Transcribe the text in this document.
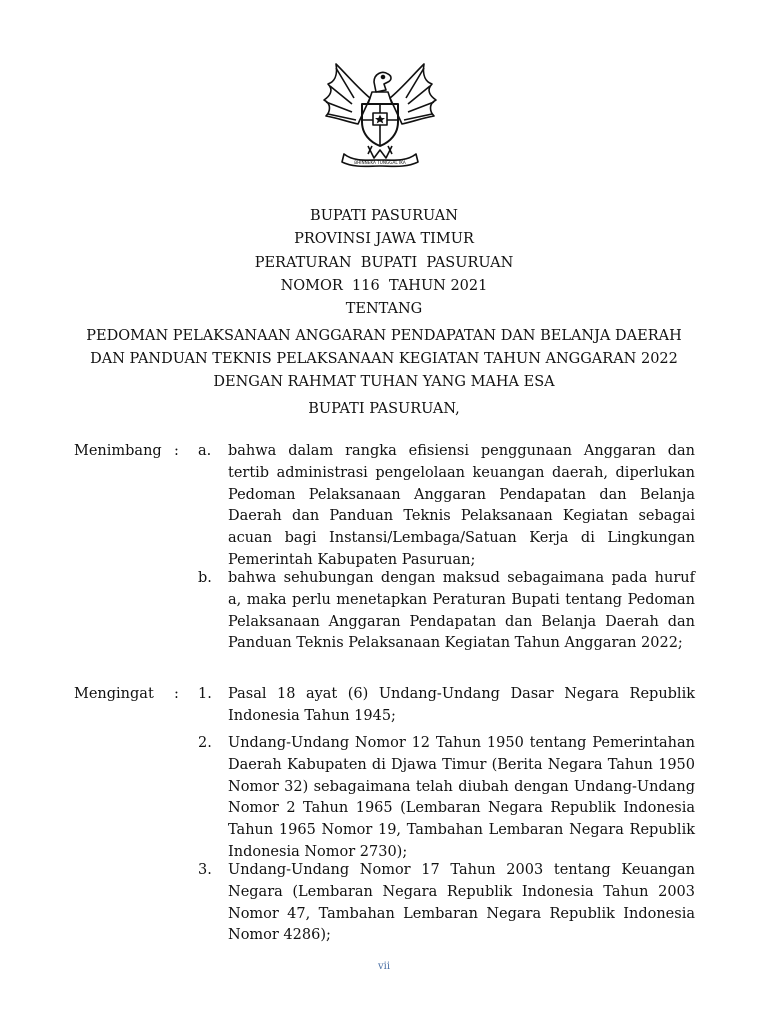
BHINNEKA TUNGGAL IKA
BUPATI PASURUAN
PROVINSI JAWA TIMUR
PERATURAN  BUPATI  PASURUAN
NOMOR  116  TAHUN 2021
TENTANG
PEDOMAN PELAKSANAAN ANGGARAN PENDAPATAN DAN BELANJA DAERAH
DAN PANDUAN TEKNIS PELAKSANAAN KEGIATAN TAHUN ANGGARAN 2022
DENGAN RAHMAT TUHAN YANG MAHA ESA
BUPATI PASURUAN,
Menimbang : a. bahwa dalam rangka efisiensi penggunaan Anggaran dan tertib administrasi pengelolaan keuangan daerah, diperlukan Pedoman Pelaksanaan Anggaran Pendapatan dan Belanja Daerah dan Panduan Teknis Pelaksanaan Kegiatan sebagai acuan bagi Instansi/Lembaga/Satuan Kerja di Lingkungan Pemerintah Kabupaten Pasuruan;
b. bahwa sehubungan dengan maksud sebagaimana pada huruf a, maka perlu menetapkan Peraturan Bupati tentang Pedoman Pelaksanaan Anggaran Pendapatan dan Belanja Daerah dan Panduan Teknis Pelaksanaan Kegiatan Tahun Anggaran 2022;
Mengingat : 1. Pasal 18 ayat (6) Undang-Undang Dasar Negara Republik Indonesia Tahun 1945;
2. Undang-Undang Nomor 12 Tahun 1950 tentang Pemerintahan Daerah Kabupaten di Djawa Timur (Berita Negara Tahun 1950 Nomor 32) sebagaimana telah diubah dengan Undang-Undang Nomor 2 Tahun 1965 (Lembaran Negara Republik Indonesia Tahun 1965 Nomor 19, Tambahan Lembaran Negara Republik Indonesia Nomor 2730);
3. Undang-Undang Nomor 17 Tahun 2003 tentang Keuangan Negara (Lembaran Negara Republik Indonesia Tahun 2003 Nomor 47, Tambahan Lembaran Negara Republik Indonesia Nomor 4286);
vii
